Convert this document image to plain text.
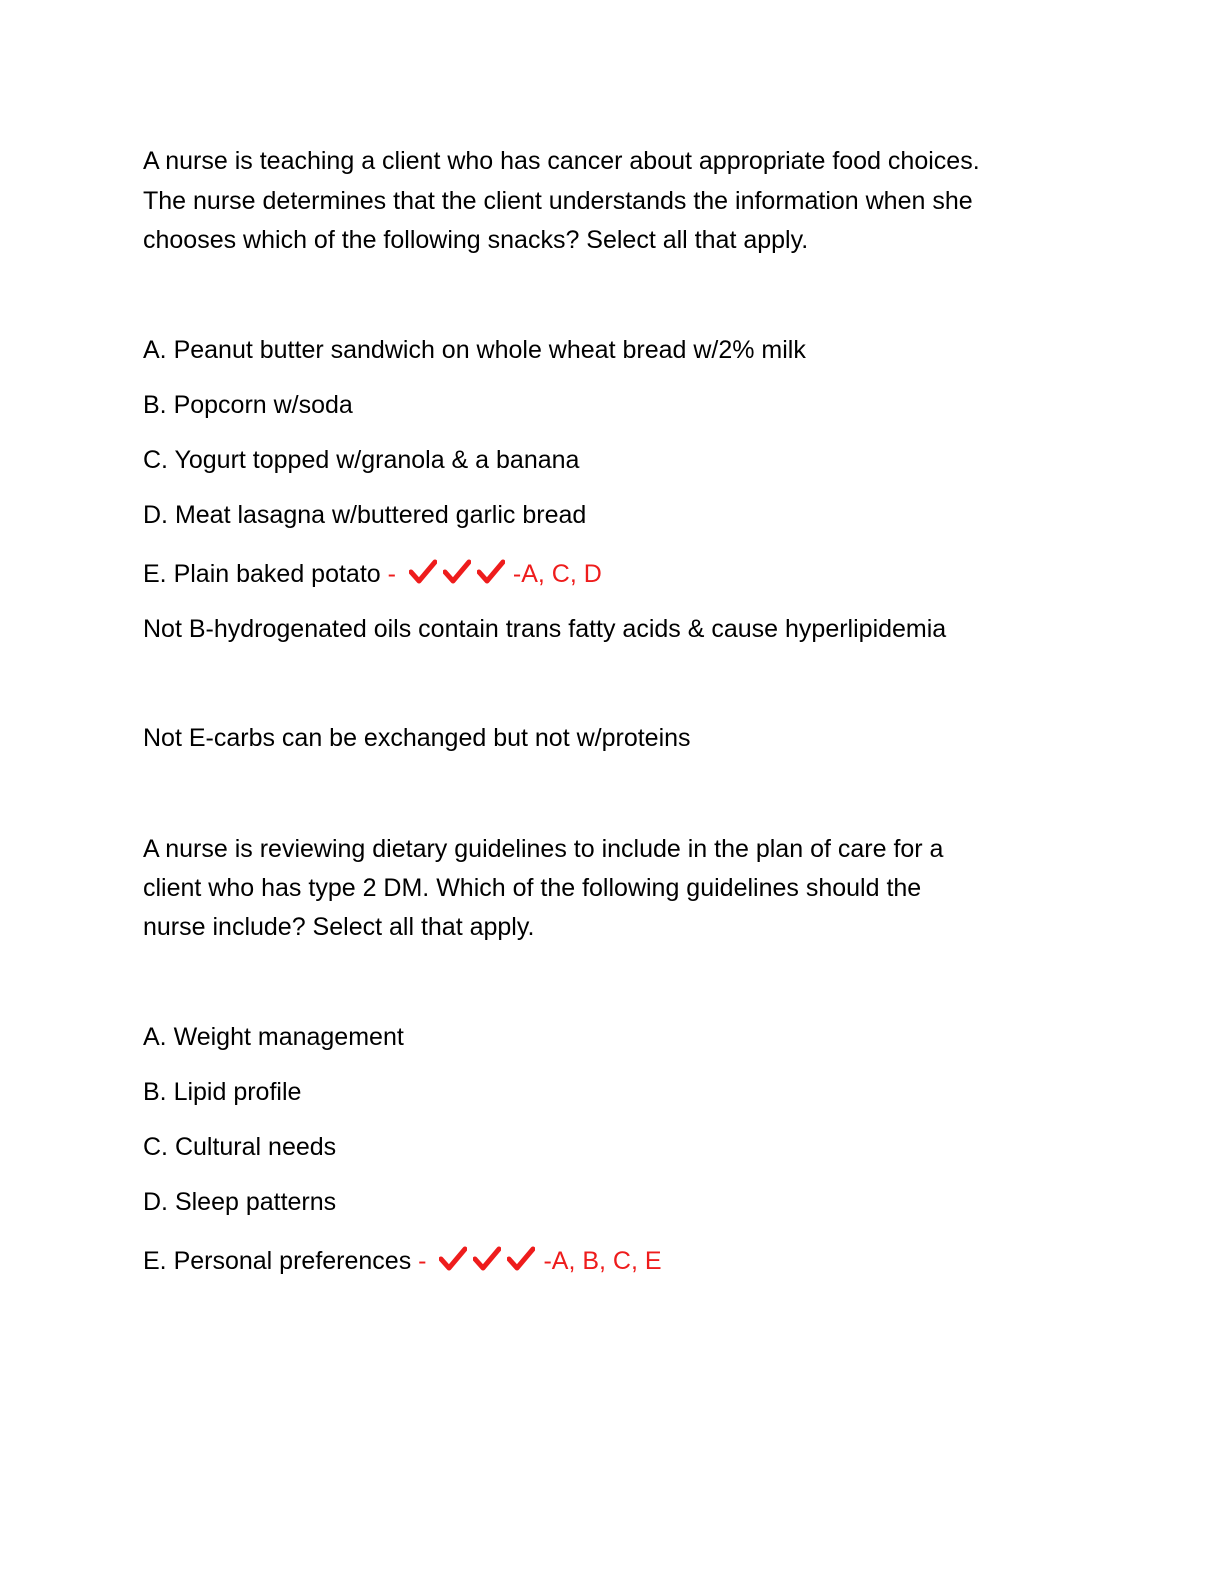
A nurse is teaching a client who has cancer about appropriate food choices.
The nurse determines that the client understands the information when she
chooses which of the following snacks? Select all that apply.
A. Peanut butter sandwich on whole wheat bread w/2% milk
B. Popcorn w/soda
C. Yogurt topped w/granola & a banana
D. Meat lasagna w/buttered garlic bread
E. Plain baked potato -	-A, C, D
Not B-hydrogenated oils contain trans fatty acids & cause hyperlipidemia
Not E-carbs can be exchanged but not w/proteins
A nurse is reviewing dietary guidelines to include in the plan of care for a
client who has type 2 DM. Which of the following guidelines should the
nurse include? Select all that apply.
A. Weight management
B. Lipid profile
C. Cultural needs
D. Sleep patterns
E. Personal preferences -	-A, B, C, E
